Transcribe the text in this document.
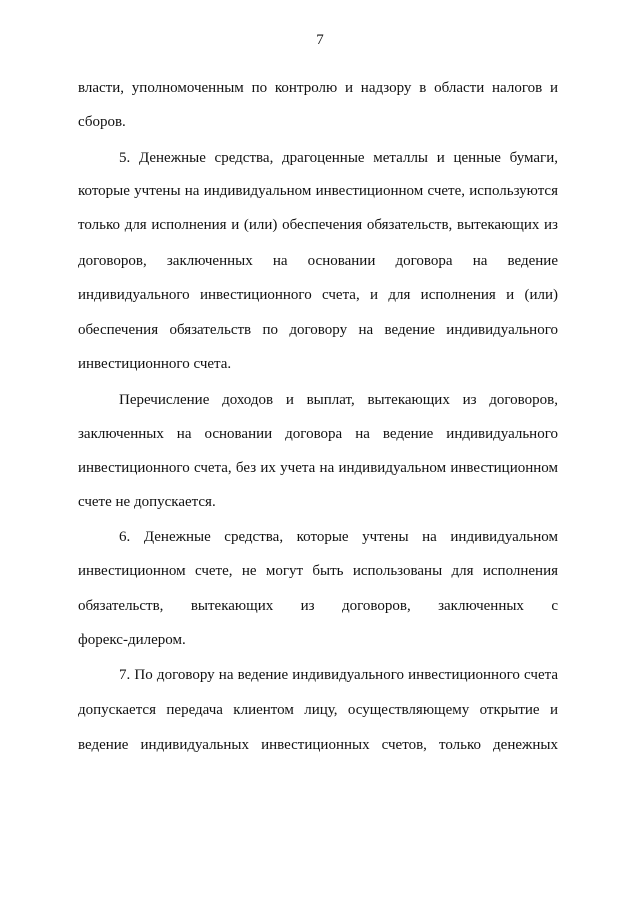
7
власти, уполномоченным по контролю и надзору в области налогов и
сборов.
5. Денежные средства, драгоценные металлы и ценные бумаги,
которые учтены на индивидуальном инвестиционном счете, используются
только для исполнения и (или) обеспечения обязательств, вытекающих из
договоров, заключенных на основании договора на ведение
индивидуального инвестиционного счета, и для исполнения и (или)
обеспечения обязательств по договору на ведение индивидуального
инвестиционного счета.
Перечисление доходов и выплат, вытекающих из договоров,
заключенных на основании договора на ведение индивидуального
инвестиционного счета, без их учета на индивидуальном инвестиционном
счете не допускается.
6. Денежные средства, которые учтены на индивидуальном
инвестиционном счете, не могут быть использованы для исполнения
обязательств, вытекающих из договоров, заключенных с
форекс-дилером.
7. По договору на ведение индивидуального инвестиционного счета
допускается передача клиентом лицу, осуществляющему открытие и
ведение индивидуальных инвестиционных счетов, только денежных
